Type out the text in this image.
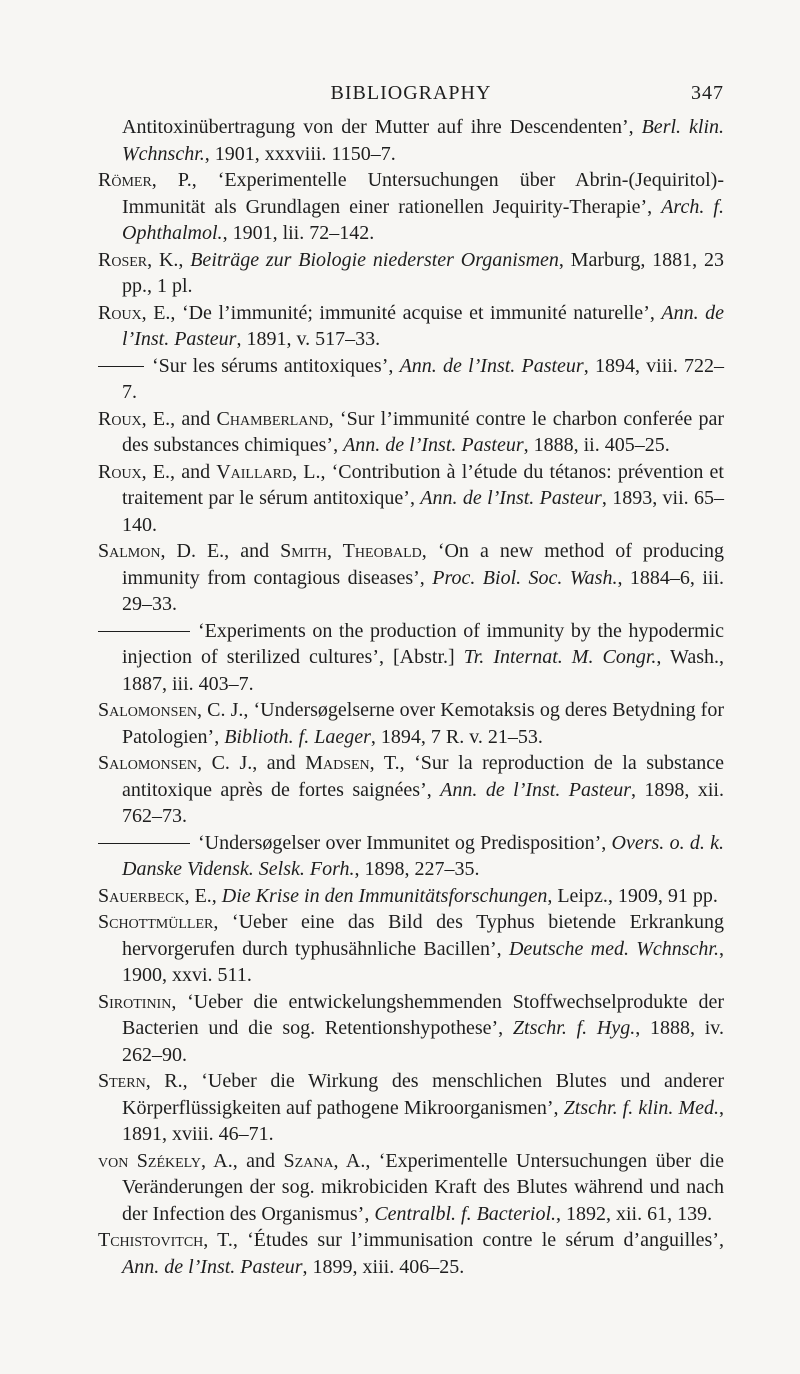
BIBLIOGRAPHY	347

Antitoxinübertragung von der Mutter auf ihre Descendenten’, Berl. klin. Wchnschr., 1901, xxxviii. 1150–7.

Römer, P., ‘Experimentelle Untersuchungen über Abrin-(Jequiritol)-Immunität als Grundlagen einer rationellen Jequirity-Therapie’, Arch. f. Ophthalmol., 1901, lii. 72–142.

Roser, K., Beiträge zur Biologie niederster Organismen, Marburg, 1881, 23 pp., 1 pl.

Roux, E., ‘De l’immunité; immunité acquise et immunité naturelle’, Ann. de l’Inst. Pasteur, 1891, v. 517–33.

‘Sur les sérums antitoxiques’, Ann. de l’Inst. Pasteur, 1894, viii. 722–7.

Roux, E., and Chamberland, ‘Sur l’immunité contre le charbon conferée par des substances chimiques’, Ann. de l’Inst. Pasteur, 1888, ii. 405–25.

Roux, E., and Vaillard, L., ‘Contribution à l’étude du tétanos: prévention et traitement par le sérum antitoxique’, Ann. de l’Inst. Pasteur, 1893, vii. 65–140.

Salmon, D. E., and Smith, Theobald, ‘On a new method of producing immunity from contagious diseases’, Proc. Biol. Soc. Wash., 1884–6, iii. 29–33.

‘Experiments on the production of immunity by the hypodermic injection of sterilized cultures’, [Abstr.] Tr. Internat. M. Congr., Wash., 1887, iii. 403–7.

Salomonsen, C. J., ‘Undersøgelserne over Kemotaksis og deres Betydning for Patologien’, Biblioth. f. Laeger, 1894, 7 R. v. 21–53.

Salomonsen, C. J., and Madsen, T., ‘Sur la reproduction de la substance antitoxique après de fortes saignées’, Ann. de l’Inst. Pasteur, 1898, xii. 762–73.

‘Undersøgelser over Immunitet og Predisposition’, Overs. o. d. k. Danske Vidensk. Selsk. Forh., 1898, 227–35.

Sauerbeck, E., Die Krise in den Immunitätsforschungen, Leipz., 1909, 91 pp.

Schottmüller, ‘Ueber eine das Bild des Typhus bietende Erkrankung hervorgerufen durch typhusähnliche Bacillen’, Deutsche med. Wchnschr., 1900, xxvi. 511.

Sirotinin, ‘Ueber die entwickelungshemmenden Stoffwechselprodukte der Bacterien und die sog. Retentionshypothese’, Ztschr. f. Hyg., 1888, iv. 262–90.

Stern, R., ‘Ueber die Wirkung des menschlichen Blutes und anderer Körperflüssigkeiten auf pathogene Mikroorganismen’, Ztschr. f. klin. Med., 1891, xviii. 46–71.

von Székely, A., and Szana, A., ‘Experimentelle Untersuchungen über die Veränderungen der sog. mikrobiciden Kraft des Blutes während und nach der Infection des Organismus’, Centralbl. f. Bacteriol., 1892, xii. 61, 139.

Tchistovitch, T., ‘Études sur l’immunisation contre le sérum d’anguilles’, Ann. de l’Inst. Pasteur, 1899, xiii. 406–25.
